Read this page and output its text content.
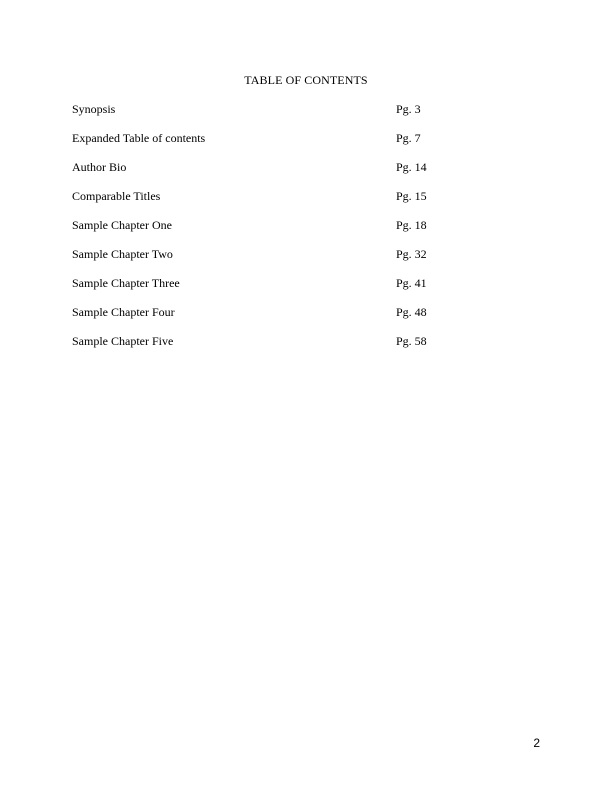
TABLE OF CONTENTS
Synopsis	Pg. 3
Expanded Table of contents	Pg. 7
Author Bio	Pg. 14
Comparable Titles	Pg. 15
Sample Chapter One	Pg. 18
Sample Chapter Two	Pg. 32
Sample Chapter Three	Pg. 41
Sample Chapter Four	Pg. 48
Sample Chapter Five	Pg. 58
2
